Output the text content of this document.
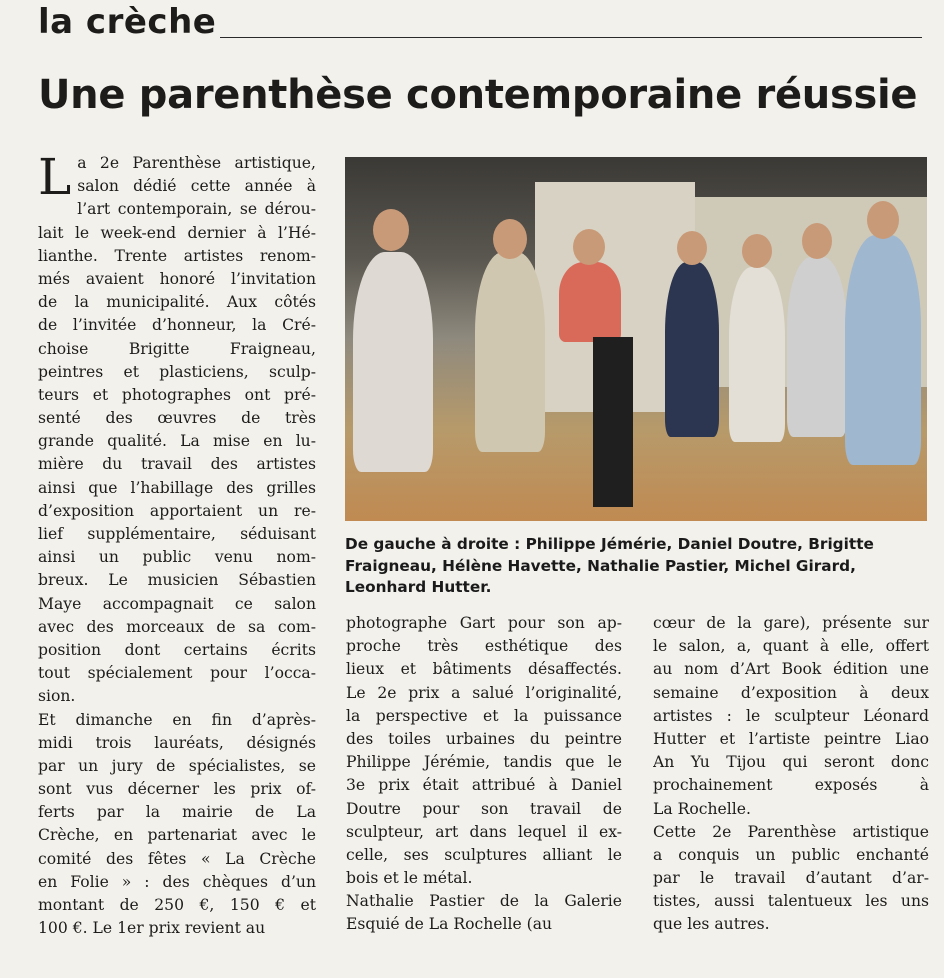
la crèche
Une parenthèse contemporaine réussie
L a 2e Parenthèse artistique,
salon dédié cette année à
l’art contemporain, se dérou-
lait le week-end dernier à l’Hé-
lianthe. Trente artistes renom-
més avaient honoré l’invitation
de la municipalité. Aux côtés
de l’invitée d’honneur, la Cré-
choise Brigitte Fraigneau,
peintres et plasticiens, sculp-
teurs et photographes ont pré-
senté des œuvres de très
grande qualité. La mise en lu-
mière du travail des artistes
ainsi que l’habillage des grilles
d’exposition apportaient un re-
lief supplémentaire, séduisant
ainsi un public venu nom-
breux. Le musicien Sébastien
Maye accompagnait ce salon
avec des morceaux de sa com-
position dont certains écrits
tout spécialement pour l’occa-
sion.
Et dimanche en fin d’après-
midi trois lauréats, désignés
par un jury de spécialistes, se
sont vus décerner les prix of-
ferts par la mairie de La
Crèche, en partenariat avec le
comité des fêtes « La Crèche
en Folie » : des chèques d’un
montant de 250 €, 150 € et
100 €. Le 1er prix revient au
De gauche à droite : Philippe Jémérie, Daniel Doutre, Brigitte
Fraigneau, Hélène Havette, Nathalie Pastier, Michel Girard,
Leonhard Hutter.
photographe Gart pour son ap-
proche très esthétique des
lieux et bâtiments désaffectés.
Le 2e prix a salué l’originalité,
la perspective et la puissance
des toiles urbaines du peintre
Philippe Jérémie, tandis que le
3e prix était attribué à Daniel
Doutre pour son travail de
sculpteur, art dans lequel il ex-
celle, ses sculptures alliant le
bois et le métal.
Nathalie Pastier de la Galerie
Esquié de La Rochelle (au
cœur de la gare), présente sur
le salon, a, quant à elle, offert
au nom d’Art Book édition une
semaine d’exposition à deux
artistes : le sculpteur Léonard
Hutter et l’artiste peintre Liao
An Yu Tijou qui seront donc
prochainement exposés à
La Rochelle.
Cette 2e Parenthèse artistique
a conquis un public enchanté
par le travail d’autant d’ar-
tistes, aussi talentueux les uns
que les autres.
